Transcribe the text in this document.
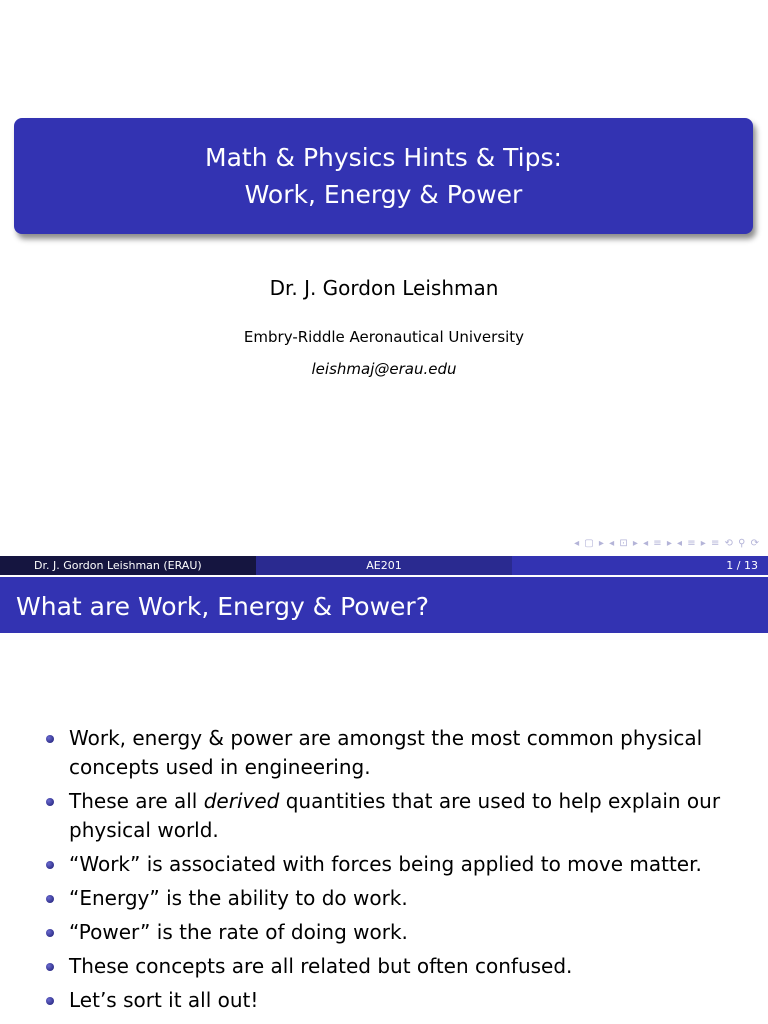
Math & Physics Hints & Tips:
Work, Energy & Power
Dr. J. Gordon Leishman
Embry-Riddle Aeronautical University
leishmaj@erau.edu
◂ ▢ ▸ ◂ ⊡ ▸ ◂ ≡ ▸ ◂ ≡ ▸ ≡ ⟲ ⚲ ⟳
Dr. J. Gordon Leishman (ERAU)	AE201	1 / 13
What are Work, Energy & Power?
Work, energy & power are amongst the most common physical concepts used in engineering.
These are all derived quantities that are used to help explain our physical world.
“Work” is associated with forces being applied to move matter.
“Energy” is the ability to do work.
“Power” is the rate of doing work.
These concepts are all related but often confused.
Let’s sort it all out!
